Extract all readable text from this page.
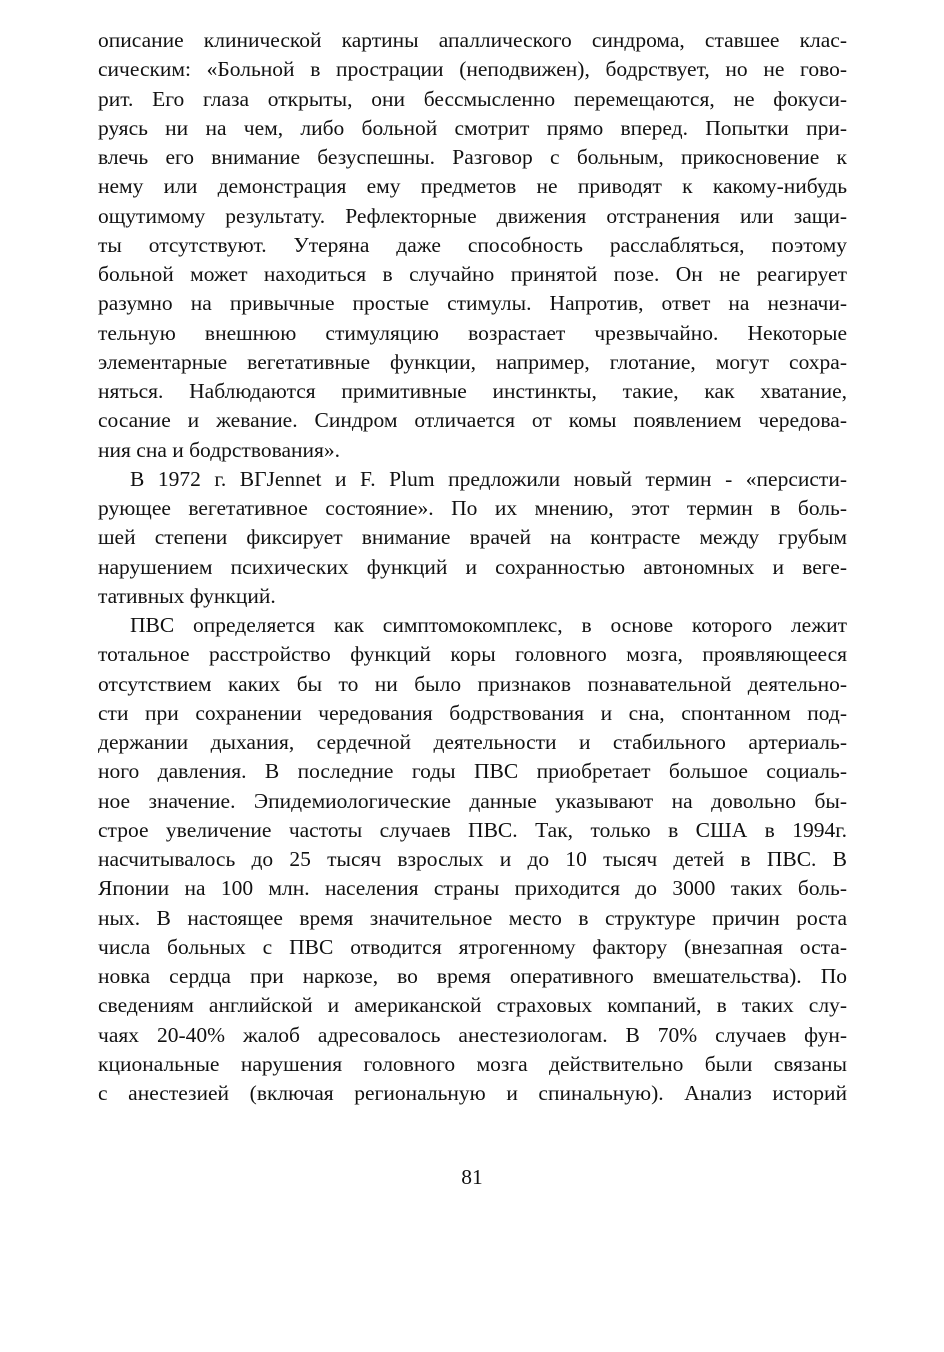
описание клинической картины апаллического синдрома, ставшее клас-
сическим: «Больной в прострации (неподвижен), бодрствует, но не гово-
рит. Его глаза открыты, они бессмысленно перемещаются, не фокуси-
руясь ни на чем, либо больной смотрит прямо вперед. Попытки при-
влечь его внимание безуспешны. Разговор с больным, прикосновение к
нему или демонстрация ему предметов не приводят к какому-нибудь
ощутимому результату. Рефлекторные движения отстранения или защи-
ты отсутствуют. Утеряна даже способность расслабляться, поэтому
больной может находиться в случайно принятой позе. Он не реагирует
разумно на привычные простые стимулы. Напротив, ответ на незначи-
тельную внешнюю стимуляцию возрастает чрезвычайно. Некоторые
элементарные вегетативные функции, например, глотание, могут сохра-
няться. Наблюдаются примитивные инстинкты, такие, как хватание,
сосание и жевание. Синдром отличается от комы появлением чередова-
ния сна и бодрствования».
В 1972 г. ВГJennet и F. Plum предложили новый термин - «персисти-
рующее вегетативное состояние». По их мнению, этот термин в боль-
шей степени фиксирует внимание врачей на контрасте между грубым
нарушением психических функций и сохранностью автономных и веге-
тативных функций.
ПВС определяется как симптомокомплекс, в основе которого лежит
тотальное расстройство функций коры головного мозга, проявляющееся
отсутствием каких бы то ни было признаков познавательной деятельно-
сти при сохранении чередования бодрствования и сна, спонтанном под-
держании дыхания, сердечной деятельности и стабильного артериаль-
ного давления. В последние годы ПВС приобретает большое социаль-
ное значение. Эпидемиологические данные указывают на довольно бы-
строе увеличение частоты случаев ПВС. Так, только в США в 1994г.
насчитывалось до 25 тысяч взрослых и до 10 тысяч детей в ПВС. В
Японии на 100 млн. населения страны приходится до 3000 таких боль-
ных. В настоящее время значительное место в структуре причин роста
числа больных с ПВС отводится ятрогенному фактору (внезапная оста-
новка сердца при наркозе, во время оперативного вмешательства). По
сведениям английской и американской страховых компаний, в таких слу-
чаях 20-40% жалоб адресовалось анестезиологам. В 70% случаев фун-
кциональные нарушения головного мозга действительно были связаны
с анестезией (включая региональную и спинальную). Анализ историй
81
